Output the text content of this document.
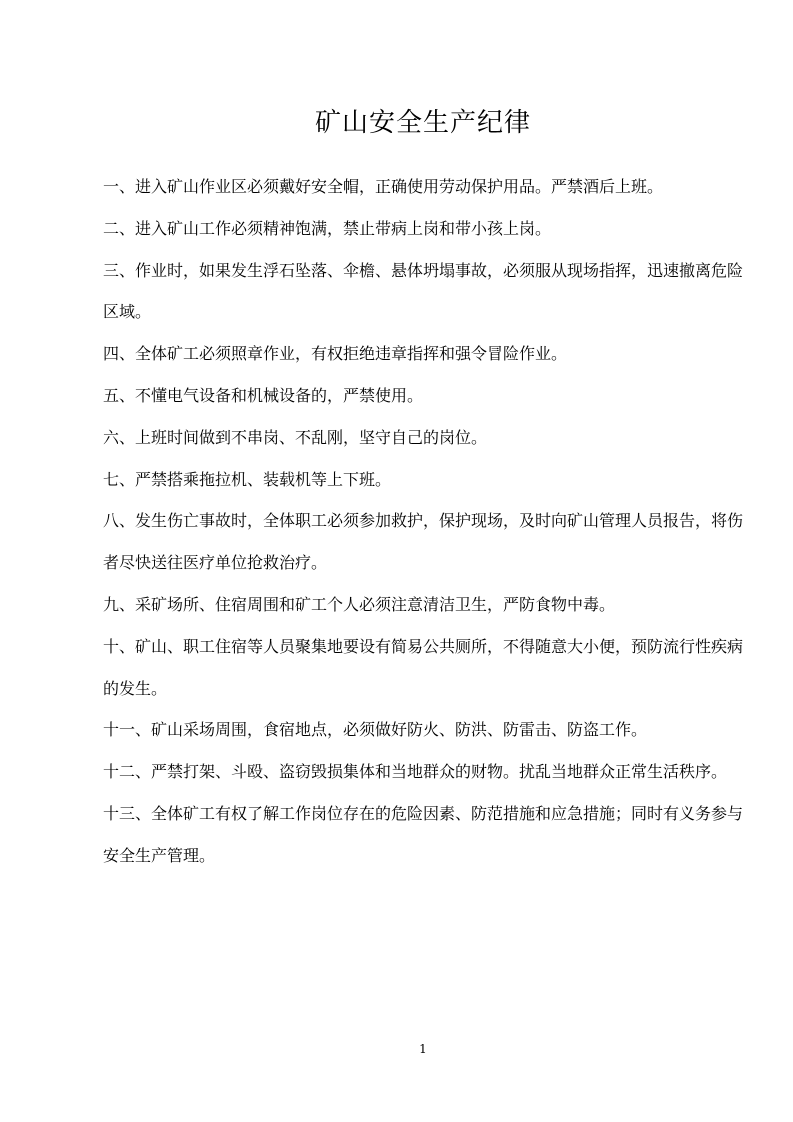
矿山安全生产纪律

一、进入矿山作业区必须戴好安全帽，正确使用劳动保护用品。严禁酒后上班。

二、进入矿山工作必须精神饱满，禁止带病上岗和带小孩上岗。

三、作业时，如果发生浮石坠落、伞檐、悬体坍塌事故，必须服从现场指挥，迅速撤离危险区域。

四、全体矿工必须照章作业，有权拒绝违章指挥和强令冒险作业。

五、不懂电气设备和机械设备的，严禁使用。

六、上班时间做到不串岗、不乱刚，坚守自己的岗位。

七、严禁搭乘拖拉机、装载机等上下班。

八、发生伤亡事故时，全体职工必须参加救护，保护现场，及时向矿山管理人员报告，将伤者尽快送往医疗单位抢救治疗。

九、采矿场所、住宿周围和矿工个人必须注意清洁卫生，严防食物中毒。

十、矿山、职工住宿等人员聚集地要设有简易公共厕所，不得随意大小便，预防流行性疾病的发生。

十一、矿山采场周围，食宿地点，必须做好防火、防洪、防雷击、防盗工作。

十二、严禁打架、斗殴、盗窃毁损集体和当地群众的财物。扰乱当地群众正常生活秩序。

十三、全体矿工有权了解工作岗位存在的危险因素、防范措施和应急措施；同时有义务参与安全生产管理。

1
